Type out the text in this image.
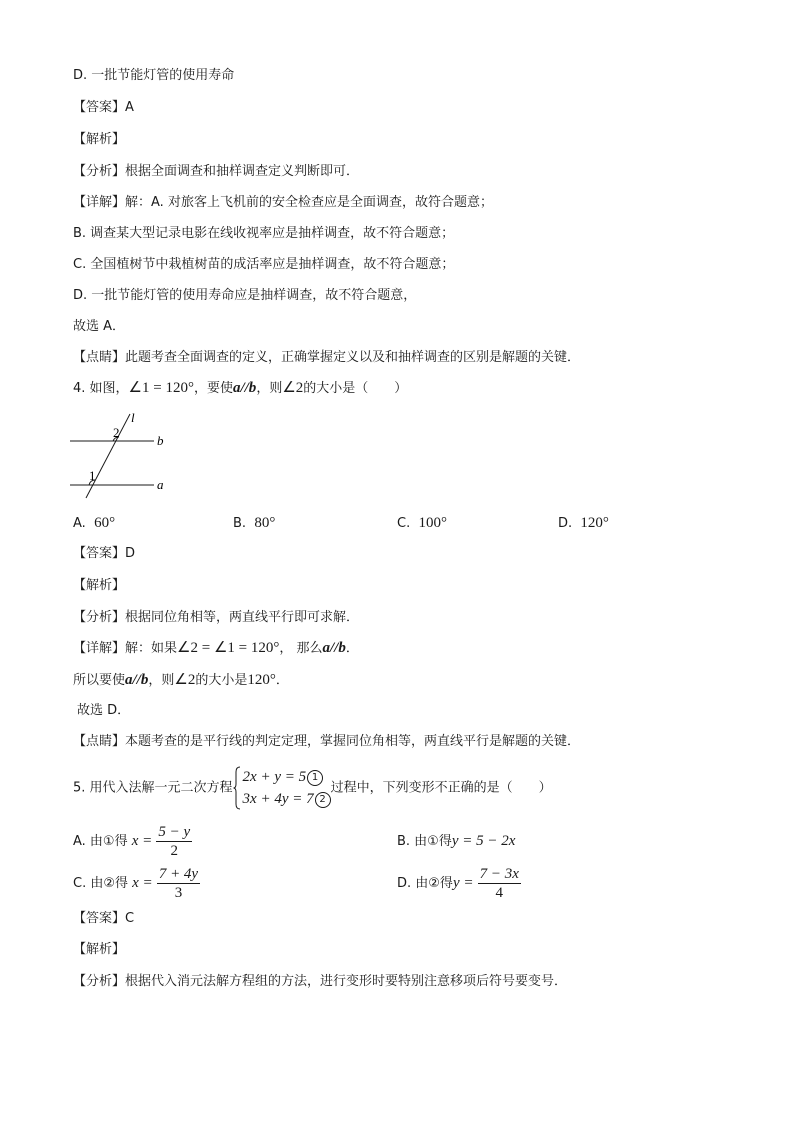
D. 一批节能灯管的使用寿命
【答案】A
【解析】
【分析】根据全面调查和抽样调查定义判断即可．
【详解】解：A. 对旅客上飞机前的安全检查应是全面调查，故符合题意；
B. 调查某大型记录电影在线收视率应是抽样调查，故不符合题意；
C. 全国植树节中栽植树苗的成活率应是抽样调查，故不符合题意；
D. 一批节能灯管的使用寿命应是抽样调查，故不符合题意，
故选 A．
【点睛】此题考查全面调查的定义，正确掌握定义以及和抽样调查的区别是解题的关键．
4. 如图，∠1 = 120°，要使a//b，则∠2的大小是（　　）
l
b
a
2
1
A. 60°	B. 80°	C. 100°	D. 120°
【答案】D
【解析】
【分析】根据同位角相等，两直线平行即可求解．
【详解】解：如果∠2 = ∠1 = 120°， 那么a//b．
所以要使a//b，则∠2的大小是120°．
故选 D．
【点睛】本题考查的是平行线的判定定理，掌握同位角相等，两直线平行是解题的关键．
5. 用代入法解一元二次方程
2x + y = 5 1
3x + 4y = 7 2
过程中，下列变形不正确的是（　　）
A. 由①得 $x = \frac{5 - y}{2}$	B. 由①得y = 5 − 2x
C. 由②得 $x = \frac{7 + 4y}{3}$	D. 由②得$y = \frac{7 - 3x}{4}$
【答案】C
【解析】
【分析】根据代入消元法解方程组的方法，进行变形时要特别注意移项后符号要变号．
